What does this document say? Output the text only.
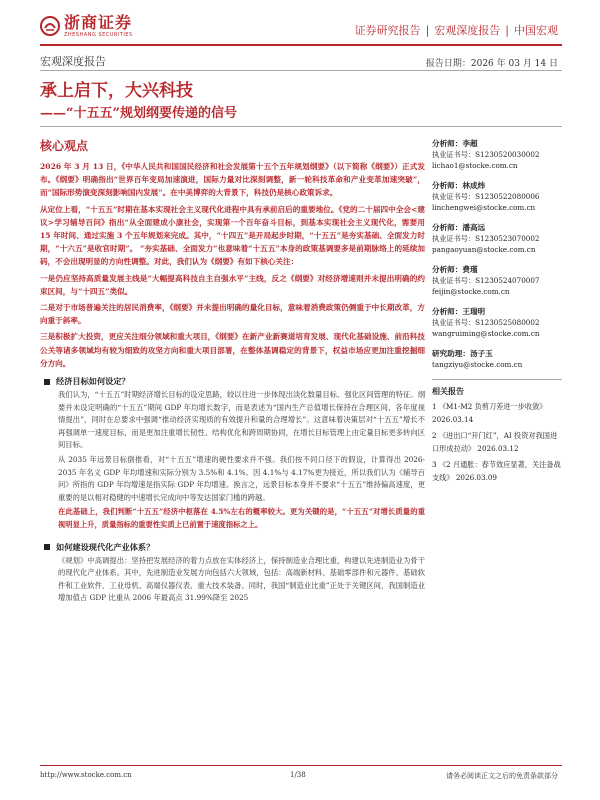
浙商证券
ZHESHANG SECURITIES	证券研究报告 | 宏观深度报告 | 中国宏观
宏观深度报告	报告日期：2026 年 03 月 14 日
承上启下，大兴科技
——“十五五”规划纲要传递的信号
核心观点

2026 年 3 月 13 日，《中华人民共和国国民经济和社会发展第十五个五年规划纲要》（以下简称《纲要》）正式发布。《纲要》明确指出“世界百年变局加速演进，国际力量对比深刻调整，新一轮科技革命和产业变革加速突破”，而“国际形势演变深刻影响国内发展”。在中美博弈的大背景下，科技仍是核心政策诉求。

从定位上看，“十五五”时期在基本实现社会主义现代化进程中具有承前启后的重要地位。《党的二十届四中全会<建议>学习辅导百问》指出“从全面建成小康社会，实现第一个百年奋斗目标，到基本实现社会主义现代化，需要用 15 年时间、通过实施 3 个五年规划来完成。其中，“十四五”是开局起步时期，“十五五”是夯实基础、全面发力时期，“十六五”是收官时期”。 “夯实基础、全面发力”也意味着“十五五”本身的政策基调要多是前期脉络上的延续加码，不会出现明显的方向性调整。对此，我们认为《纲要》有如下核心关注：

一是仍应坚持高质量发展主线是“大幅提高科技自主自强水平”主线，反之《纲要》对经济增速则并未提出明确的约束区间，与“十四五”类似。

二是对于市场普遍关注的居民消费率，《纲要》并未提出明确的量化目标，意味着消费政策仍侧重于中长期改革，方向重于斜率。

三是积极扩大投资，更应关注细分领域和重大项目，《纲要》在新产业新赛道培育发展、现代化基础设施、前沿科技公关等诸多领域均有较为细致的攻坚方向和重大项目部署，在整体基调稳定的背景下，权益市场应更加注重挖掘细分方向。

经济目标如何设定？

我们认为，“十五五”时期经济增长目标的设定思路，较以往进一步体现出淡化数量目标、强化区间管理的特征。纲要并未设定明确的“十五五”期间 GDP 年均增长数字，而是表述为“国内生产总值增长保持在合理区间、各年度视情提出”，同时在总要求中强调“推动经济实现质的有效提升和量的合理增长”。这意味着决策层对“十五五”增长不再强调单一速度目标，而是更加注重增长韧性、结构优化和跨周期协同，在增长目标管理上由定量目标更多转向区间目标。

从 2035 年远景目标倒推看，对“十五五”增速的硬性要求并不强。我们按不同口径下的假设，计算得出 2026-2035 年名义 GDP 年均增速和实际分别为 3.5%和 4.1%。因 4.1%与 4.17%更为接近，所以我们认为《辅导百问》所指的 GDP 年均增速是指实际 GDP 年均增速。换言之，远景目标本身并不要求“十五五”维持偏高速度，更重要的是以相对稳健的中速增长完成向中等发达国家门槛的跨越。

在此基础上，我们判断“十五五”经济中枢落在 4.5%左右的概率较大。更为关键的是，“十五五”对增长质量的重视明显上升，质量指标的重要性实质上已前置于速度指标之上。

如何建设现代化产业体系？

《规划》中高调提出：坚持把发展经济的着力点放在实体经济上，保持制造业合理比重，构建以先进制造业为骨干的现代化产业体系。其中，先进制造业发展方向包括六大领域，包括：高端新材料、基础零部件和元器件、基础软件和工业软件、工业母机、高端仪器仪表、重大技术装备。同时，我国“制造业比重”正处于关键区间，我国制造业增加值占 GDP 比重从 2006 年最高点 31.99%降至 2025

分析师：李超
执业证书号：S1230520030002
lichao1@stocke.com.cn
分析师：林成炜
执业证书号：S1230522080006
linchengwei@stocke.com.cn
分析师：潘高远
执业证书号：S1230523070002
pangaoyuan@stocke.com.cn
分析师：费瑾
执业证书号：S1230524070007
feijin@stocke.com.cn
分析师：王瑞明
执业证书号：S1230525080002
wangruiming@stocke.com.cn
研究助理：汤子玉
tangziyu@stocke.com.cn
相关报告
1 《M1-M2 负剪刀差进一步收敛》 2026.03.14
2 《进出口“开门红”，AI 投资对我国进口形成拉动》 2026.03.12
3 《2 月通胀：春节效应显著，关注备战支线》 2026.03.09
http://www.stocke.com.cn	1/38	请务必阅读正文之后的免责条款部分
